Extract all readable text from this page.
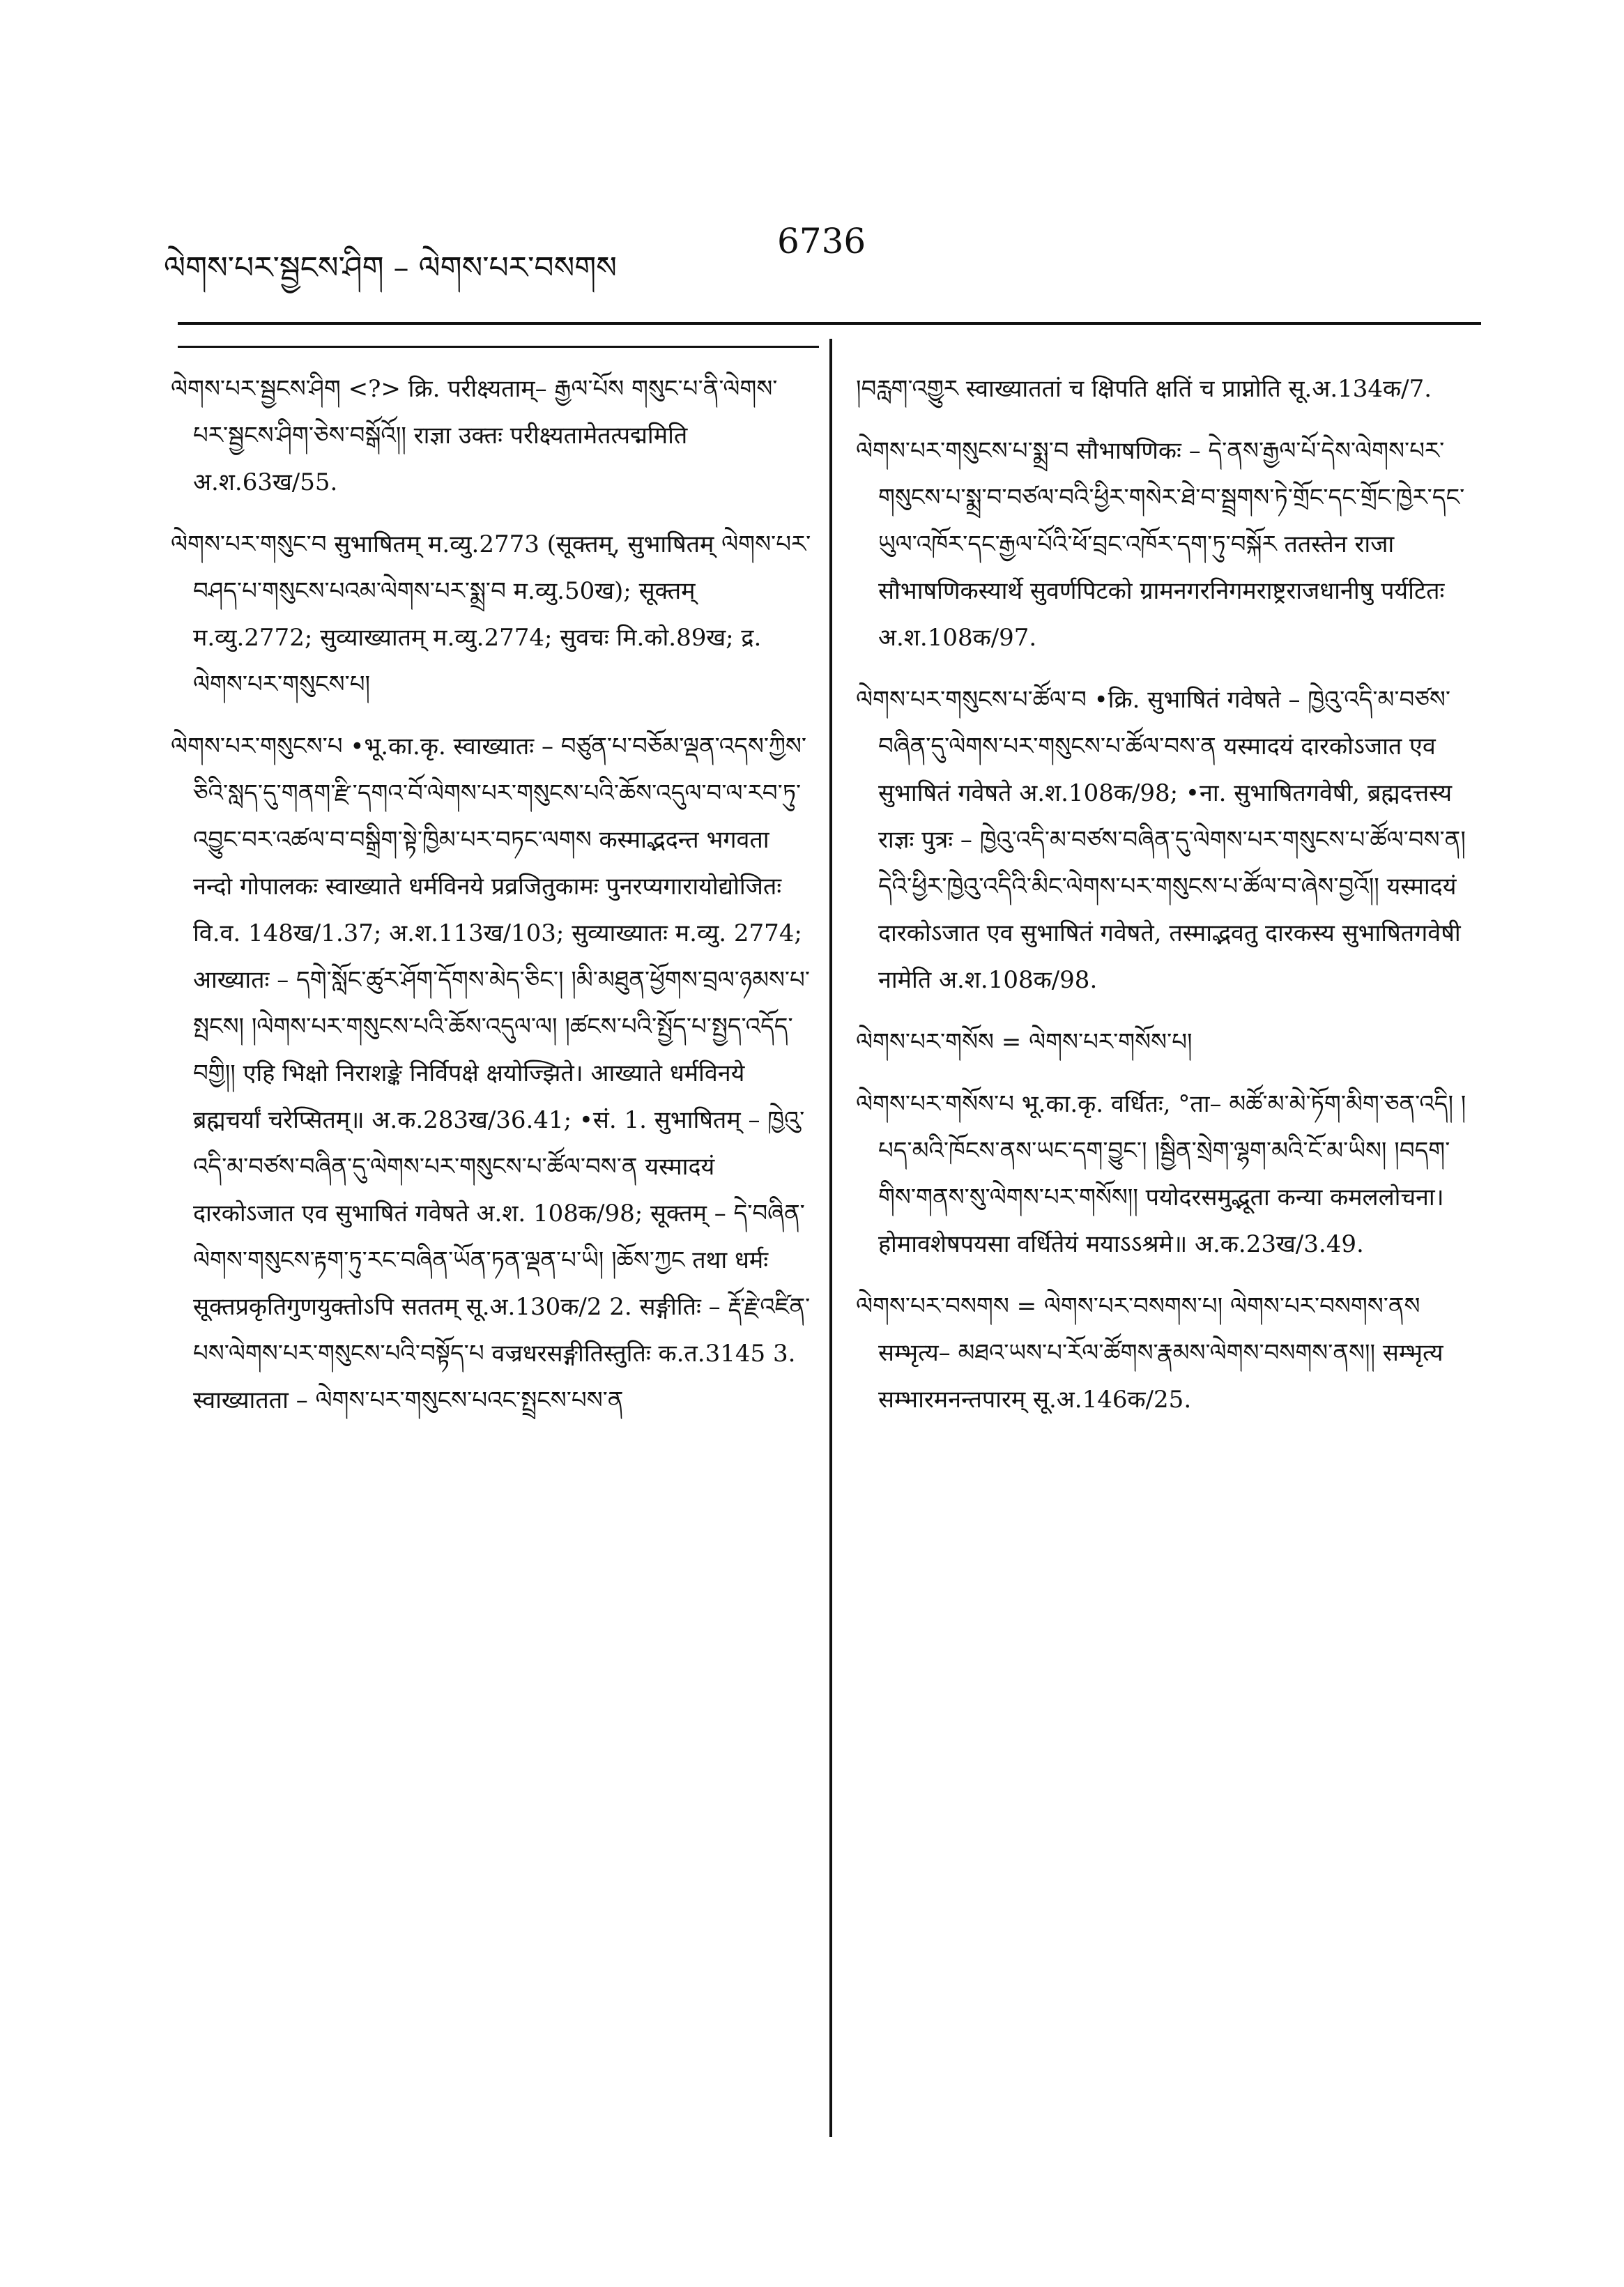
ལེགས་པར་སྦྱངས་ཤིག – ལེགས་པར་བསགས
6736

ལེགས་པར་སྦྱངས་ཤིག <?> क्रि. परीक्ष्यताम्– རྒྱལ་པོས གསུང་པ་ནི་ལེགས་པར་སྦྱངས་ཤིག་ཅེས་བསྒོའོ།། राज्ञा उक्तः परीक्ष्यतामेतत्पद्ममिति अ.श.63ख/55.

ལེགས་པར་གསུང་བ सुभाषितम् म.व्यु.2773 (सूक्तम्, सुभाषितम् ལེགས་པར་བཤད་པ་གསུངས་པའམ་ལེགས་པར་སྨྲ་བ म.व्यु.50ख); सूक्तम् म.व्यु.2772; सुव्याख्यातम् म.व्यु.2774; सुवचः मि.को.89ख; द्र. ལེགས་པར་གསུངས་པ།

ལེགས་པར་གསུངས་པ •भू.का.कृ. स्वाख्यातः – བཙུན་པ་བཅོམ་ལྡན་འདས་ཀྱིས་ཅིའི་སླད་དུ་གནག་རྫི་དགའ་བོ་ལེགས་པར་གསུངས་པའི་ཆོས་འདུལ་བ་ལ་རབ་ཏུ་འབྱུང་བར་འཚལ་བ་བསྒྲིག་སྟེ་ཁྱིམ་པར་བཏང་ལགས कस्माद्भदन्त भगवता नन्दो गोपालकः स्वाख्याते धर्मविनये प्रव्रजितुकामः पुनरप्यगारायोद्योजितः वि.व. 148ख/1.37; अ.श.113ख/103; सुव्याख्यातः म.व्यु. 2774; आख्यातः – དགེ་སློང་ཚུར་ཤོག་དོགས་མེད་ཅིང་། །མི་མཐུན་ཕྱོགས་བྲལ་ཉམས་པ་སྤངས། །ལེགས་པར་གསུངས་པའི་ཆོས་འདུལ་ལ། །ཚངས་པའི་སྤྱོད་པ་སྤྱད་འདོད་བགྱི།། एहि भिक्षो निराशङ्के निर्विपक्षे क्षयोज्झिते। आख्याते धर्मविनये ब्रह्मचर्यां चरेप्सितम्॥ अ.क.283ख/36.41; •सं. 1. सुभाषितम् – ཁྱེའུ་འདི་མ་བཙས་བཞིན་དུ་ལེགས་པར་གསུངས་པ་ཚོལ་བས་ན यस्मादयं दारकोऽजात एव सुभाषितं गवेषते अ.श. 108क/98; सूक्तम् – དེ་བཞིན་ལེགས་གསུངས་རྟག་ཏུ་རང་བཞིན་ཡོན་ཏན་ལྡན་པ་ཡི། །ཆོས་ཀྱང तथा धर्मः सूक्तप्रकृतिगुणयुक्तोऽपि सततम् सू.अ.130क/2 2. सङ्गीतिः – རྡོ་རྗེ་འཛིན་པས་ལེགས་པར་གསུངས་པའི་བསྟོད་པ वज्रधरसङ्गीतिस्तुतिः क.त.3145 3. स्वाख्यातता – ལེགས་པར་གསུངས་པའང་སྤྲངས་པས་ན

།བརླག་འགྱུར स्वाख्याततां च क्षिपति क्षतिं च प्राप्नोति सू.अ.134क/7.

ལེགས་པར་གསུངས་པ་སྨྲ་བ सौभाषणिकः – དེ་ནས་རྒྱལ་པོ་དེས་ལེགས་པར་གསུངས་པ་སྨྲ་བ་བཙལ་བའི་ཕྱིར་གསེར་ཐེ་བ་སྦྲགས་ཏེ་གྲོང་དང་གྲོང་ཁྱེར་དང་ཡུལ་འཁོར་དང་རྒྱལ་པོའི་ཕོ་བྲང་འཁོར་དག་ཏུ་བསྐོར ततस्तेन राजा सौभाषणिकस्यार्थे सुवर्णपिटको ग्रामनगरनिगमराष्ट्रराजधानीषु पर्यटितः अ.श.108क/97.

ལེགས་པར་གསུངས་པ་ཚོལ་བ •क्रि. सुभाषितं गवेषते – ཁྱེའུ་འདི་མ་བཙས་བཞིན་དུ་ལེགས་པར་གསུངས་པ་ཚོལ་བས་ན यस्मादयं दारकोऽजात एव सुभाषितं गवेषते अ.श.108क/98; •ना. सुभाषितगवेषी, ब्रह्मदत्तस्य राज्ञः पुत्रः – ཁྱེའུ་འདི་མ་བཙས་བཞིན་དུ་ལེགས་པར་གསུངས་པ་ཚོལ་བས་ན། དེའི་ཕྱིར་ཁྱེའུ་འདིའི་མིང་ལེགས་པར་གསུངས་པ་ཚོལ་བ་ཞེས་བྱའོ།། यस्मादयं दारकोऽजात एव सुभाषितं गवेषते, तस्माद्भवतु दारकस्य सुभाषितगवेषी नामेति अ.श.108क/98.

ལེགས་པར་གསོས = ལེགས་པར་གསོས་པ།

ལེགས་པར་གསོས་པ भू.का.कृ. वर्धितः, °ता– མཚོ་མ་མེ་ཏོག་མིག་ཅན་འདི། །པད་མའི་ཁོངས་ནས་ཡང་དག་བྱུང་། །སྦྱིན་སྲེག་ལྷག་མའི་ངོ་མ་ཡིས། །བདག་གིས་གནས་སུ་ལེགས་པར་གསོས།། पयोदरसमुद्भूता कन्या कमललोचना। होमावशेषपयसा वर्धितेयं मयाऽऽश्रमे॥ अ.क.23ख/3.49.

ལེགས་པར་བསགས = ལེགས་པར་བསགས་པ། ལེགས་པར་བསགས་ནས सम्भृत्य– མཐའ་ཡས་པ་རོལ་ཚོགས་རྣམས་ལེགས་བསགས་ནས།། सम्भृत्य सम्भारमनन्तपारम् सू.अ.146क/25.
